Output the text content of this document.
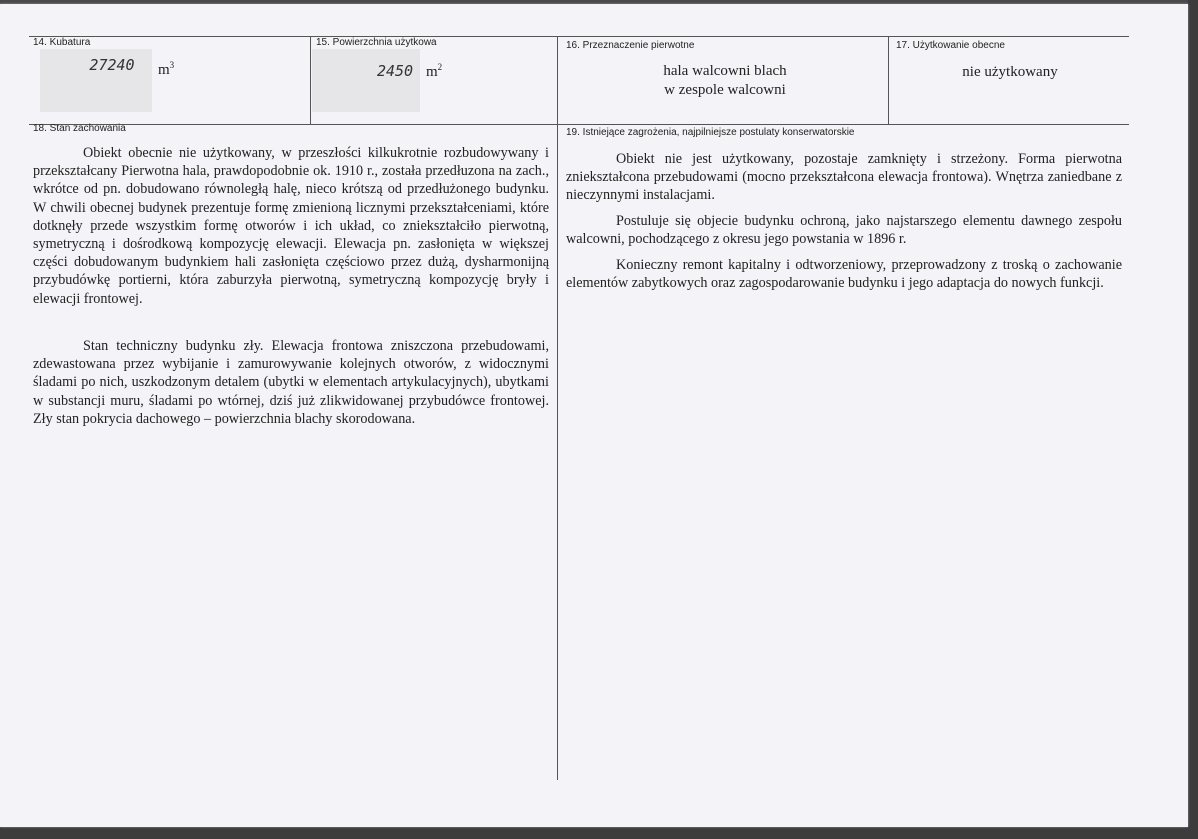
14. Kubatura
27240	$m^3$
15. Powierzchnia użytkowa
2450 $m^2$
16. Przeznaczenie pierwotne
hala walcowni blach
w zespole walcowni
17. Użytkowanie obecne
nie użytkowany
18. Stan zachowania

Obiekt obecnie nie użytkowany, w przeszłości kilkukrotnie rozbudowywany i przekształcany Pierwotna hala, prawdopodobnie ok. 1910 r., została przedłuzona na zach., wkrótce od pn. dobudowano równoległą halę, nieco krótszą od przedłużonego budynku. W chwili obecnej budynek prezentuje formę zmienioną licznymi przekształceniami, które dotknęły przede wszystkim formę otworów i ich układ, co zniekształciło pierwotną, symetryczną i dośrodkową kompozycję elewacji. Elewacja pn. zasłonięta w większej części dobudowanym budynkiem hali zasłonięta częściowo przez dużą, dysharmonijną przybudówkę portierni, która zaburzyła pierwotną, symetryczną kompozycję bryły i elewacji frontowej.

Stan techniczny budynku zły. Elewacja frontowa zniszczona przebudowami, zdewastowana przez wybijanie i zamurowywanie kolejnych otworów, z widocznymi śladami po nich, uszkodzonym detalem (ubytki w elementach artykulacyjnych), ubytkami w substancji muru, śladami po wtórnej, dziś już zlikwidowanej przybudówce frontowej. Zły stan pokrycia dachowego – powierzchnia blachy skorodowana.

19. Istniejące zagrożenia, najpilniejsze postulaty konserwatorskie

Obiekt nie jest użytkowany, pozostaje zamknięty i strzeżony. Forma pierwotna zniekształcona przebudowami (mocno przekształcona elewacja frontowa). Wnętrza zaniedbane z nieczynnymi instalacjami.

Postuluje się objecie budynku ochroną, jako najstarszego elementu dawnego zespołu walcowni, pochodzącego z okresu jego powstania w 1896 r.

Konieczny remont kapitalny i odtworzeniowy, przeprowadzony z troską o zachowanie elementów zabytkowych oraz zagospodarowanie budynku i jego adaptacja do nowych funkcji.
